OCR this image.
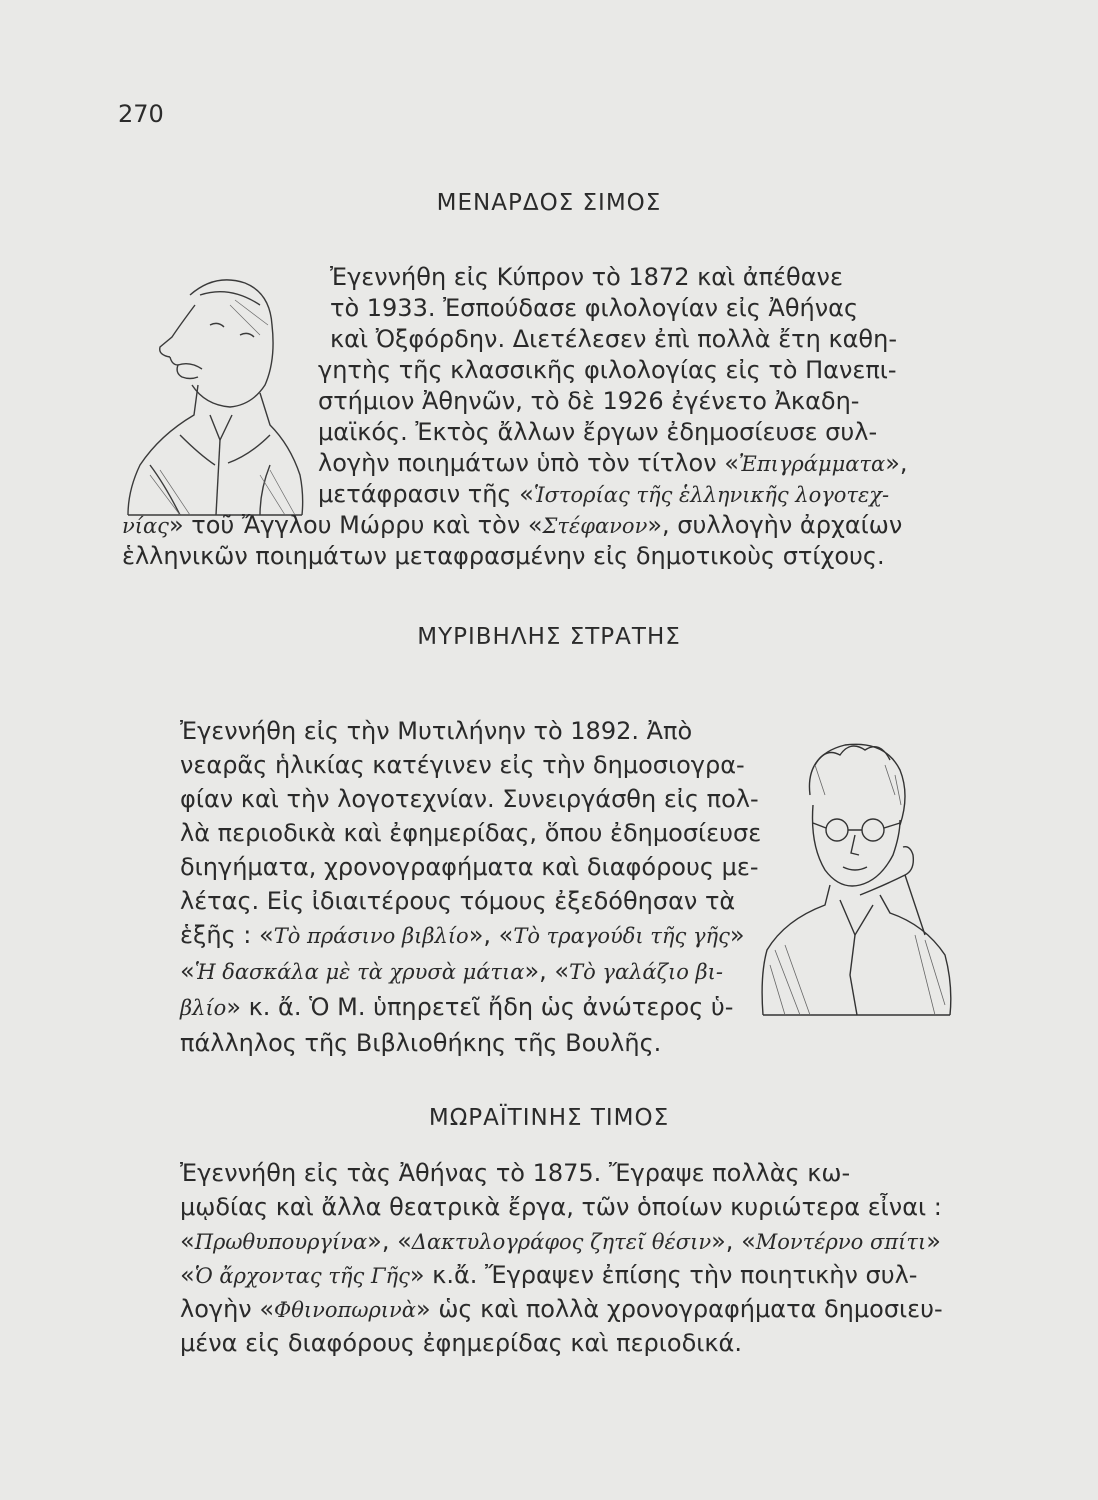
270
ΜΕΝΑΡΔΟΣ ΣΙΜΟΣ
Ἐγεννήθη εἰς Κύπρον τὸ 1872 καὶ ἀπέθανε
τὸ 1933. Ἐσπούδασε φιλολογίαν εἰς Ἀθήνας
καὶ Ὀξφόρδην. Διετέλεσεν ἐπὶ πολλὰ ἔτη καθη-
γητὴς τῆς κλασσικῆς φιλολογίας εἰς τὸ Πανεπι-
στήμιον Ἀθηνῶν, τὸ δὲ 1926 ἐγένετο Ἀκαδη-
μαϊκός. Ἐκτὸς ἄλλων ἔργων ἐδημοσίευσε συλ-
λογὴν ποιημάτων ὑπὸ τὸν τίτλον «Ἐπιγράμματα»,
μετάφρασιν τῆς «Ἱστορίας τῆς ἑλληνικῆς λογοτεχ-
νίας» τοῦ Ἄγγλου Μώρρυ καὶ τὸν «Στέφανον», συλλογὴν ἀρχαίων
ἑλληνικῶν ποιημάτων μεταφρασμένην εἰς δημοτικοὺς στίχους.
ΜΥΡΙΒΗΛΗΣ ΣΤΡΑΤΗΣ
Ἐγεννήθη εἰς τὴν Μυτιλήνην τὸ 1892. Ἀπὸ
νεαρᾶς ἡλικίας κατέγινεν εἰς τὴν δημοσιογρα-
φίαν καὶ τὴν λογοτεχνίαν. Συνειργάσθη εἰς πολ-
λὰ περιοδικὰ καὶ ἐφημερίδας, ὅπου ἐδημοσίευσε
διηγήματα, χρονογραφήματα καὶ διαφόρους με-
λέτας. Εἰς ἰδιαιτέρους τόμους ἐξεδόθησαν τὰ
ἑξῆς : «Τὸ πράσινο βιβλίο», «Τὸ τραγούδι τῆς γῆς»
«Ἡ δασκάλα μὲ τὰ χρυσὰ μάτια», «Τὸ γαλάζιο βι-
βλίο» κ. ἄ. Ὁ Μ. ὑπηρετεῖ ἤδη ὡς ἀνώτερος ὑ-
πάλληλος τῆς Βιβλιοθήκης τῆς Βουλῆς.
ΜΩΡΑΪΤΙΝΗΣ ΤΙΜΟΣ
Ἐγεννήθη εἰς τὰς Ἀθήνας τὸ 1875. Ἔγραψε πολλὰς κω-
μῳδίας καὶ ἄλλα θεατρικὰ ἔργα, τῶν ὁποίων κυριώτερα εἶναι :
«Πρωθυπουργίνα», «Δακτυλογράφος ζητεῖ θέσιν», «Μοντέρνο σπίτι»
«Ὁ ἄρχοντας τῆς Γῆς» κ.ἄ. Ἔγραψεν ἐπίσης τὴν ποιητικὴν συλ-
λογὴν «Φθινοπωρινὰ» ὡς καὶ πολλὰ χρονογραφήματα δημοσιευ-
μένα εἰς διαφόρους ἐφημερίδας καὶ περιοδικά.
